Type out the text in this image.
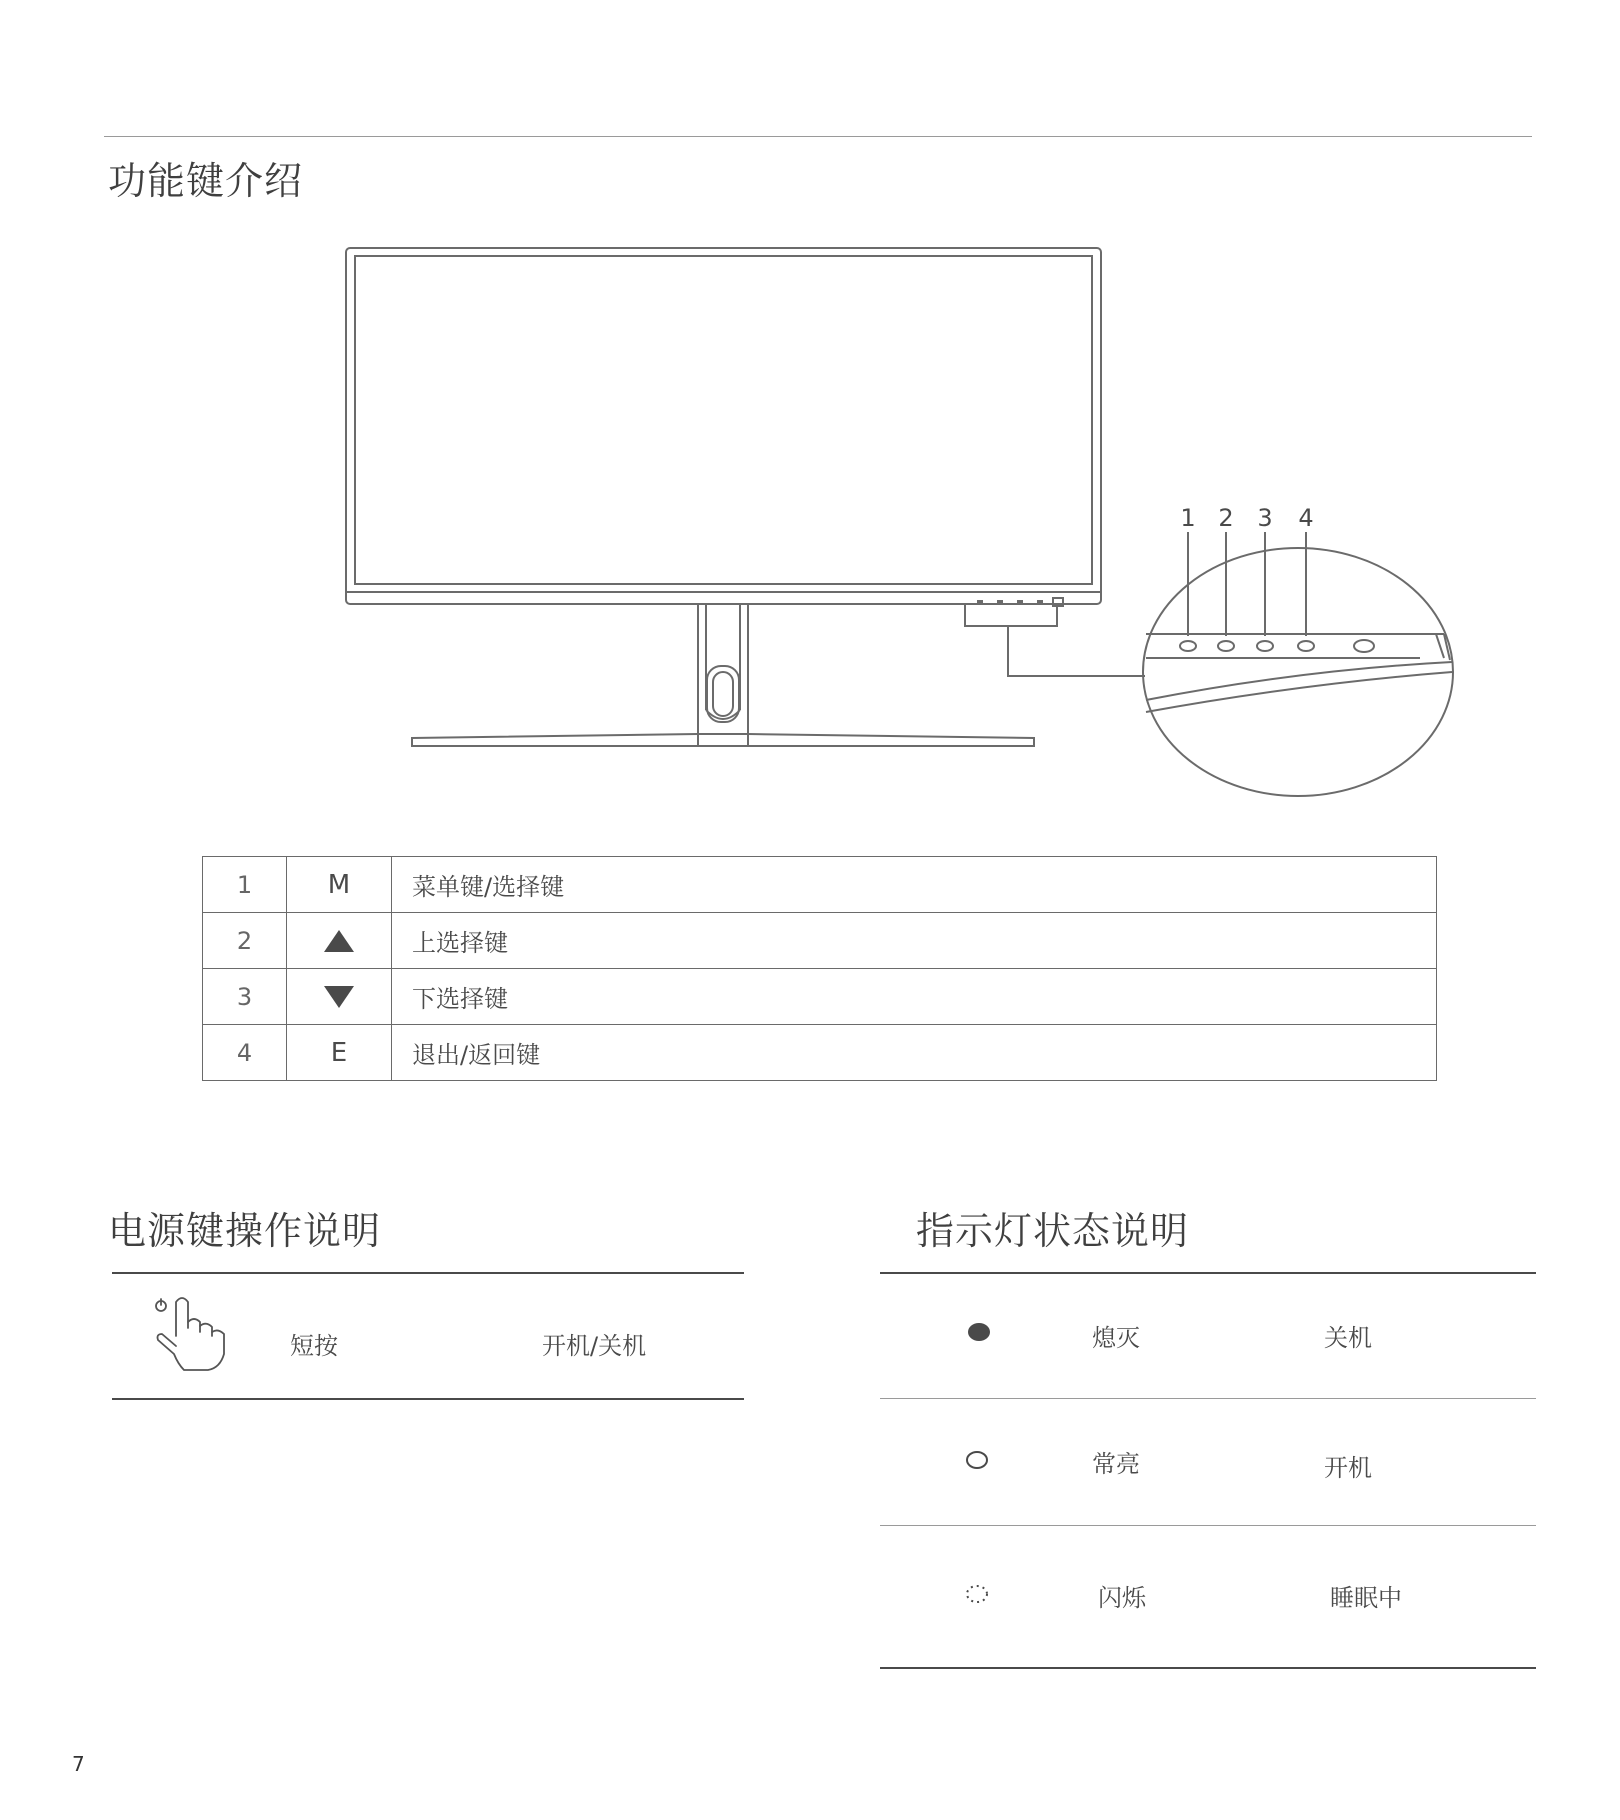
功能键介绍
1 2 3 4
1	M	菜单键/选择键
2		上选择键
3		下选择键
4	E	退出/返回键
电源键操作说明
短按	开机/关机
指示灯状态说明
熄灭	关机
常亮	开机
闪烁	睡眠中
7
